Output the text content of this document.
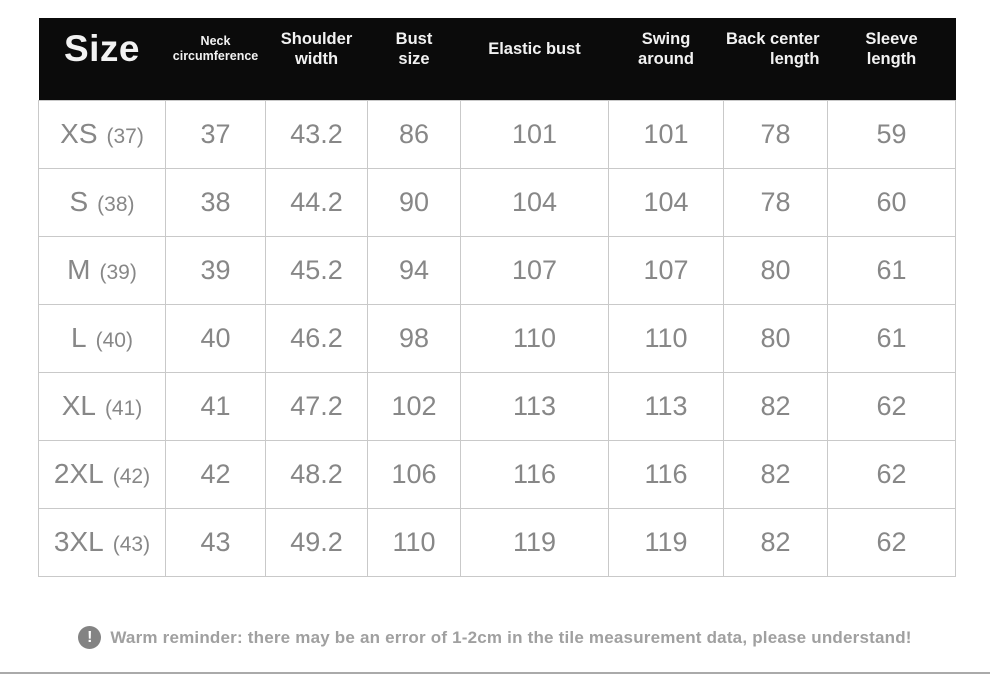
Size	Neck circumference	Shoulder width	Bust size	Elastic bust	Swing around	Back center length	Sleeve length

XS (37)	37	43.2	86	101	101	78	59

S (38)	38	44.2	90	104	104	78	60

M (39)	39	45.2	94	107	107	80	61

L (40)	40	46.2	98	110	110	80	61

XL (41)	41	47.2	102	113	113	82	62

2XL (42)	42	48.2	106	116	116	82	62

3XL (43)	43	49.2	110	119	119	82	62
!	Warm reminder: there may be an error of 1-2cm in the tile measurement data, please understand!
